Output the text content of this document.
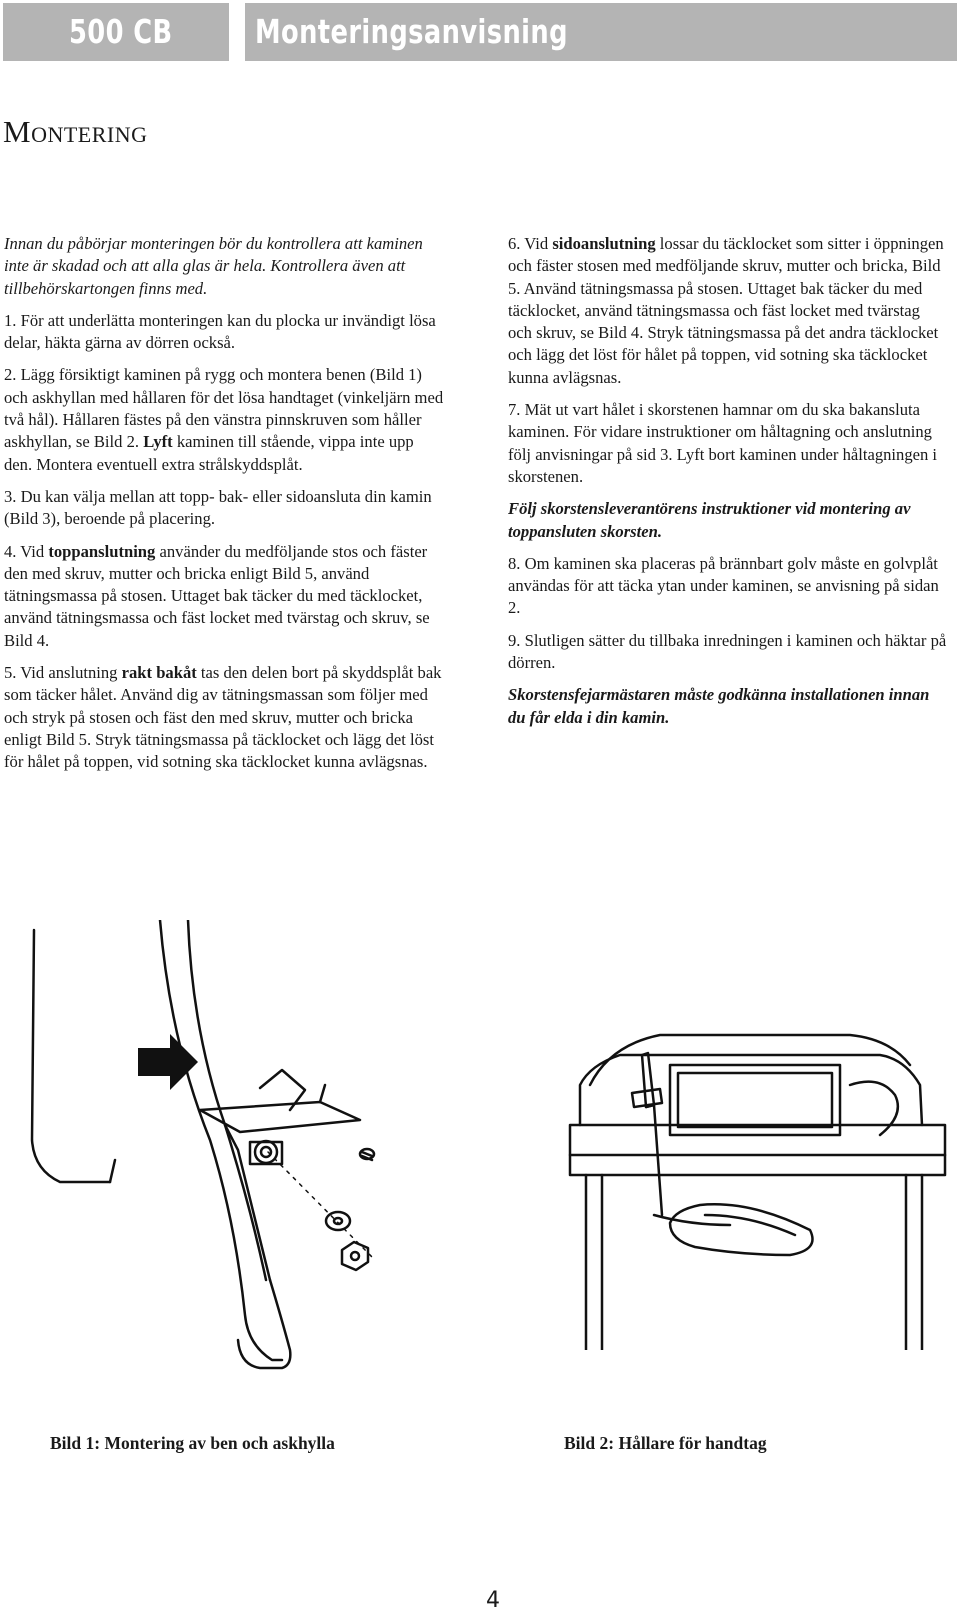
500 CB	Monteringsanvisning
Montering

Innan du påbörjar monteringen bör du kontrollera att kaminen inte är skadad och att alla glas är hela. Kontrollera även att tillbehörskartongen finns med.

1. För att underlätta monteringen kan du plocka ur invändigt lösa delar, häkta gärna av dörren också.

2. Lägg försiktigt kaminen på rygg och montera benen (Bild 1) och askhyllan med hållaren för det lösa handtaget (vinkeljärn med två hål). Hållaren fästes på den vänstra pinnskruven som håller askhyllan, se Bild 2. Lyft kaminen till stående, vippa inte upp den. Montera eventuell extra strålskyddsplåt.

3. Du kan välja mellan att topp- bak- eller sidoansluta din kamin (Bild 3), beroende på placering.

4. Vid toppanslutning använder du medföljande stos och fäster den med skruv, mutter och bricka enligt Bild 5, använd tätningsmassa på stosen. Uttaget bak täcker du med täcklocket, använd tätningsmassa och fäst locket med tvärstag och skruv, se Bild 4.

5. Vid anslutning rakt bakåt tas den delen bort på skyddsplåt bak som täcker hålet. Använd dig av tätningsmassan som följer med och stryk på stosen och fäst den med skruv, mutter och bricka enligt Bild 5. Stryk tätningsmassa på täcklocket och lägg det löst för hålet på toppen, vid sotning ska täcklocket kunna avlägsnas.

6. Vid sidoanslutning lossar du täcklocket som sitter i öppningen och fäster stosen med medföljande skruv, mutter och bricka, Bild 5. Använd tätningsmassa på stosen. Uttaget bak täcker du med täcklocket, använd tätningsmassa och fäst locket med tvärstag och skruv, se Bild 4. Stryk tätningsmassa på det andra täcklocket och lägg det löst för hålet på toppen, vid sotning ska täcklocket kunna avlägsnas.

7. Mät ut vart hålet i skorstenen hamnar om du ska bakansluta kaminen. För vidare instruktioner om håltagning och anslutning följ anvisningar på sid 3. Lyft bort kaminen under håltagningen i skorstenen.

Följ skorstensleverantörens instruktioner vid montering av toppansluten skorsten.

8. Om kaminen ska placeras på brännbart golv måste en golvplåt användas för att täcka ytan under kaminen, se anvisning på sidan 2.

9. Slutligen sätter du tillbaka inredningen i kaminen och häktar på dörren.

Skorstensfejarmästaren måste godkänna installationen innan du får elda i din kamin.

Bild 1: Montering av ben och askhylla	Bild 2: Hållare för handtag
4
